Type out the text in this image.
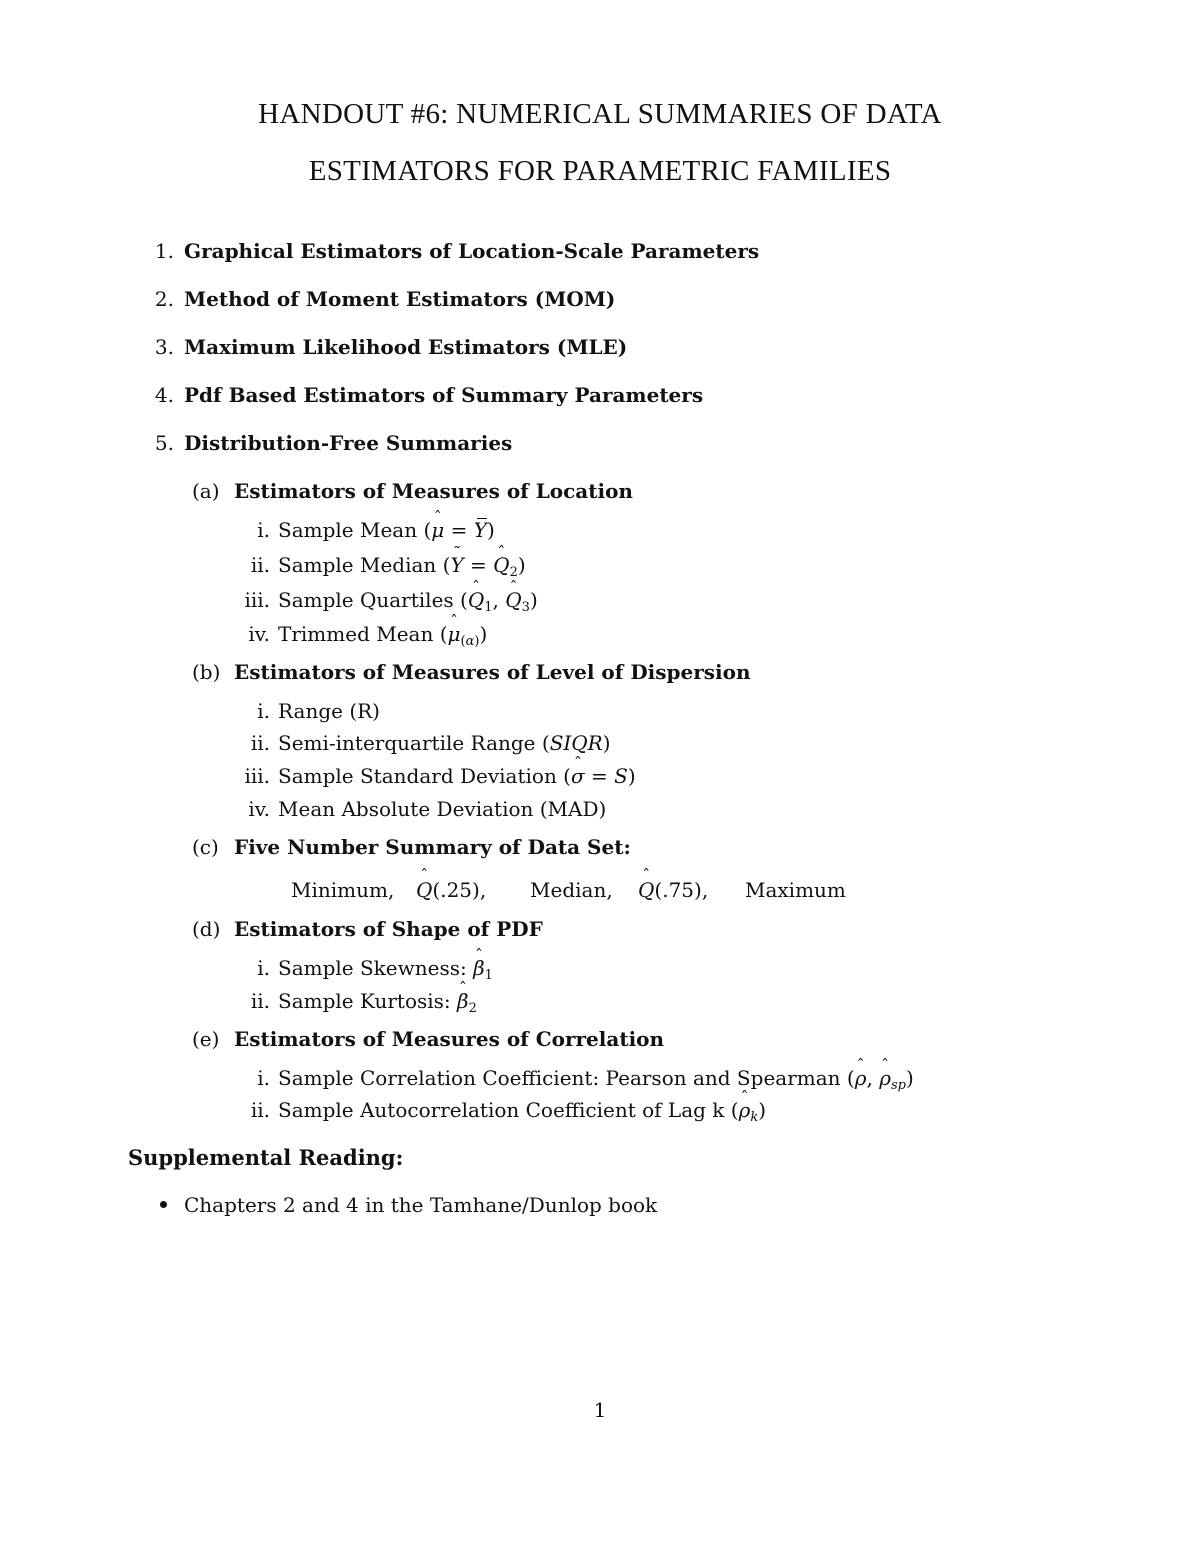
HANDOUT #6: NUMERICAL SUMMARIES OF DATA
ESTIMATORS FOR PARAMETRIC FAMILIES
1. Graphical Estimators of Location-Scale Parameters
2. Method of Moment Estimators (MOM)
3. Maximum Likelihood Estimators (MLE)
4. Pdf Based Estimators of Summary Parameters
5. Distribution-Free Summaries
(a) Estimators of Measures of Location
i. Sample Mean (ˆ μ = Y)
ii. Sample Median (˜ Y = ˆ $Q_2$)
iii. Sample Quartiles (ˆ $Q_1$, ˆ $Q_3$)
iv. Trimmed Mean (ˆ $\mu_{(\alpha)}$)
(b) Estimators of Measures of Level of Dispersion
i. Range (R)
ii. Semi-interquartile Range (SIQR)
iii. Sample Standard Deviation (ˆ σ = S)
iv. Mean Absolute Deviation (MAD)
(c) Five Number Summary of Data Set:
Minimum, ˆ Q(.25), Median, ˆ Q(.75), Maximum
(d) Estimators of Shape of PDF
i. Sample Skewness: ˆ $\beta_1$
ii. Sample Kurtosis: ˆ $\beta_2$
(e) Estimators of Measures of Correlation
i. Sample Correlation Coefficient: Pearson and Spearman (ˆ ρ, ˆ $\rho_{sp}$)
ii. Sample Autocorrelation Coefficient of Lag k (ˆ $\rho_k$)
Supplemental Reading:
Chapters 2 and 4 in the Tamhane/Dunlop book
1
